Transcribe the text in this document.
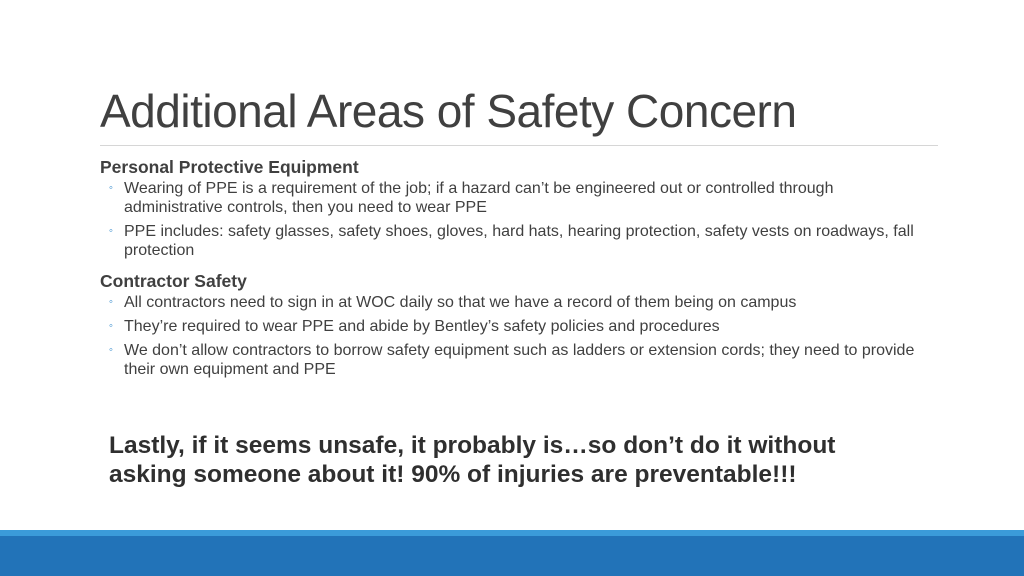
Additional Areas of Safety Concern
Personal Protective Equipment
◦ Wearing of PPE is a requirement of the job; if a hazard can’t be engineered out or controlled through administrative controls, then you need to wear PPE
◦ PPE includes: safety glasses, safety shoes, gloves, hard hats, hearing protection, safety vests on roadways, fall protection
Contractor Safety
◦ All contractors need to sign in at WOC daily so that we have a record of them being on campus
◦ They’re required to wear PPE and abide by Bentley’s safety policies and procedures
◦ We don’t allow contractors to borrow safety equipment such as ladders or extension cords; they need to provide their own equipment and PPE
Lastly, if it seems unsafe, it probably is…so don’t do it without asking someone about it! 90% of injuries are preventable!!!
